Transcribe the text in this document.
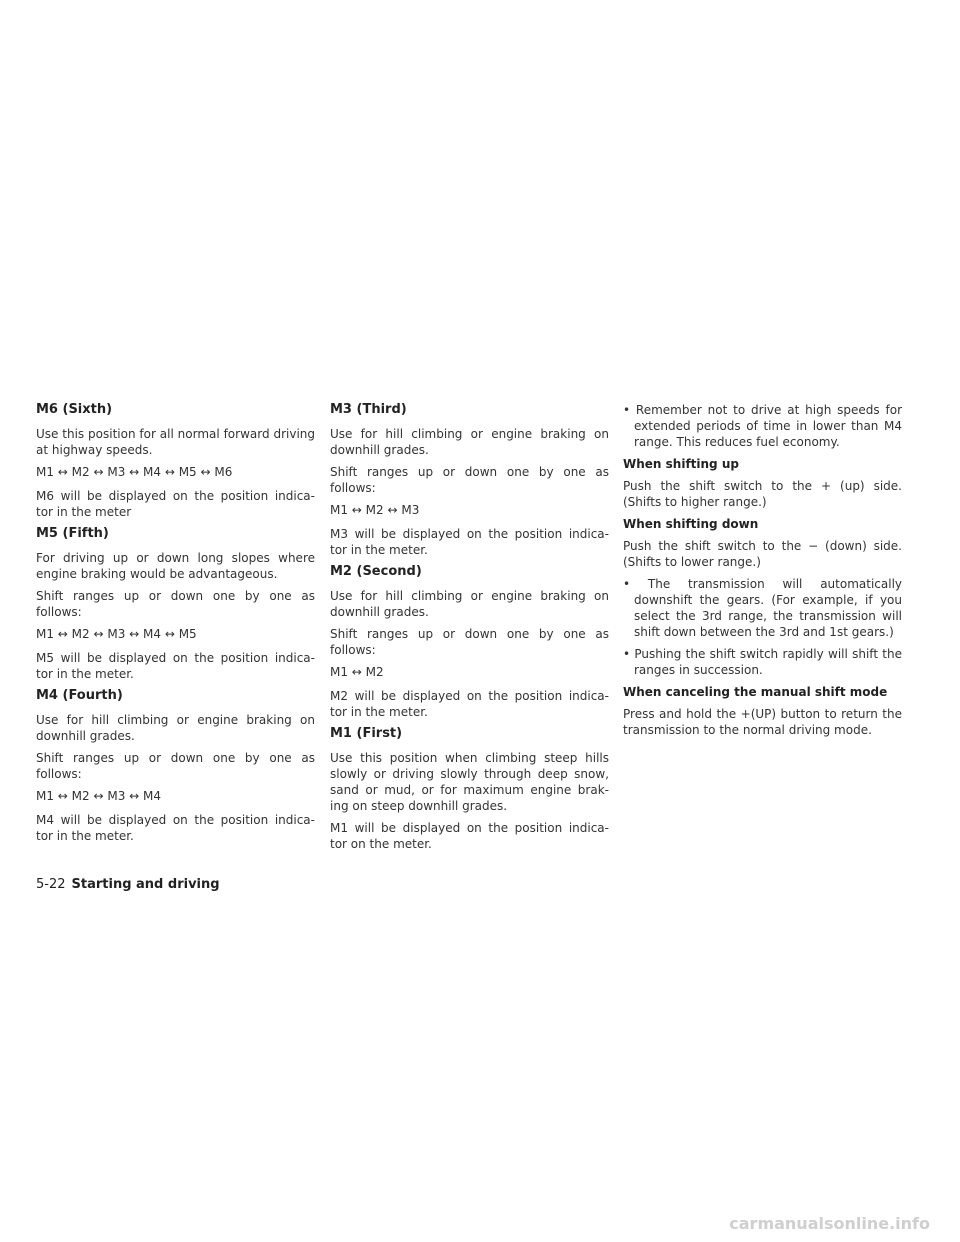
M6 (Sixth)

Use this position for all normal forward driving at highway speeds.

M1 ↔ M2 ↔ M3 ↔ M4 ↔ M5 ↔ M6

M6 will be displayed on the position indica- tor in the meter

M5 (Fifth)

For driving up or down long slopes where engine braking would be advantageous.

Shift ranges up or down one by one as follows:

M1 ↔ M2 ↔ M3 ↔ M4 ↔ M5

M5 will be displayed on the position indica- tor in the meter.

M4 (Fourth)

Use for hill climbing or engine braking on downhill grades.

Shift ranges up or down one by one as follows:

M1 ↔ M2 ↔ M3 ↔ M4

M4 will be displayed on the position indica- tor in the meter.

M3 (Third)

Use for hill climbing or engine braking on downhill grades.

Shift ranges up or down one by one as follows:

M1 ↔ M2 ↔ M3

M3 will be displayed on the position indica- tor in the meter.

M2 (Second)

Use for hill climbing or engine braking on downhill grades.

Shift ranges up or down one by one as follows:

M1 ↔ M2

M2 will be displayed on the position indica- tor in the meter.

M1 (First)

Use this position when climbing steep hills slowly or driving slowly through deep snow, sand or mud, or for maximum engine brak- ing on steep downhill grades.

M1 will be displayed on the position indica- tor on the meter.

• Remember not to drive at high speeds for extended periods of time in lower than M4 range. This reduces fuel economy.
When shifting up

Push the shift switch to the + (up) side. (Shifts to higher range.)

When shifting down

Push the shift switch to the − (down) side. (Shifts to lower range.)

• The transmission will automatically downshift the gears. (For example, if you select the 3rd range, the transmission will shift down between the 3rd and 1st gears.)
• Pushing the shift switch rapidly will shift the ranges in succession.
When canceling the manual shift mode

Press and hold the +(UP) button to return the transmission to the normal driving mode.

5-22 Starting and driving
carmanualsonline.info
